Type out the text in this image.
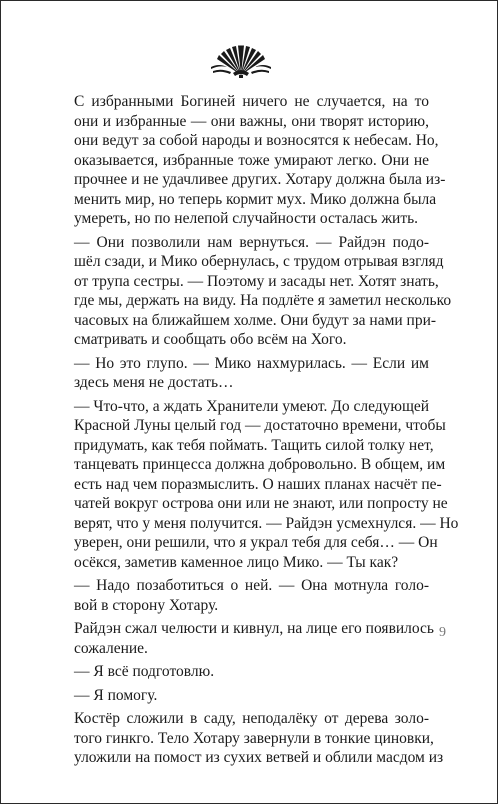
С избранными Богиней ничего не случается, на то
они и избранные — они важны, они творят историю,
они ведут за собой народы и возносятся к небесам. Но,
оказывается, избранные тоже умирают легко. Они не
прочнее и не удачливее других. Хотару должна была из-
менить мир, но теперь кормит мух. Мико должна была
умереть, но по нелепой случайности осталась жить.
— Они позволили нам вернуться. — Райдэн подо-
шёл сзади, и Мико обернулась, с трудом отрывая взгляд
от трупа сестры. — Поэтому и засады нет. Хотят знать,
где мы, держать на виду. На подлёте я заметил несколько
часовых на ближайшем холме. Они будут за нами при-
сматривать и сообщать обо всём на Хого.
— Но это глупо. — Мико нахмурилась. — Если им
здесь меня не достать…
— Что-что, а ждать Хранители умеют. До следующей
Красной Луны целый год — достаточно времени, чтобы
придумать, как тебя поймать. Тащить силой толку нет,
танцевать принцесса должна добровольно. В общем, им
есть над чем поразмыслить. О наших планах насчёт пе-
чатей вокруг острова они или не знают, или попросту не
верят, что у меня получится. — Райдэн усмехнулся. — Но
уверен, они решили, что я украл тебя для себя… — Он
осёкся, заметив каменное лицо Мико. — Ты как?
— Надо позаботиться о ней. — Она мотнула голо-
вой в сторону Хотару.
Райдэн сжал челюсти и кивнул, на лице его появилось
сожаление.
— Я всё подготовлю.
— Я помогу.
Костёр сложили в саду, неподалёку от дерева золо-
того гинкго. Тело Хотару завернули в тонкие циновки,
уложили на помост из сухих ветвей и облили масдом из
9
